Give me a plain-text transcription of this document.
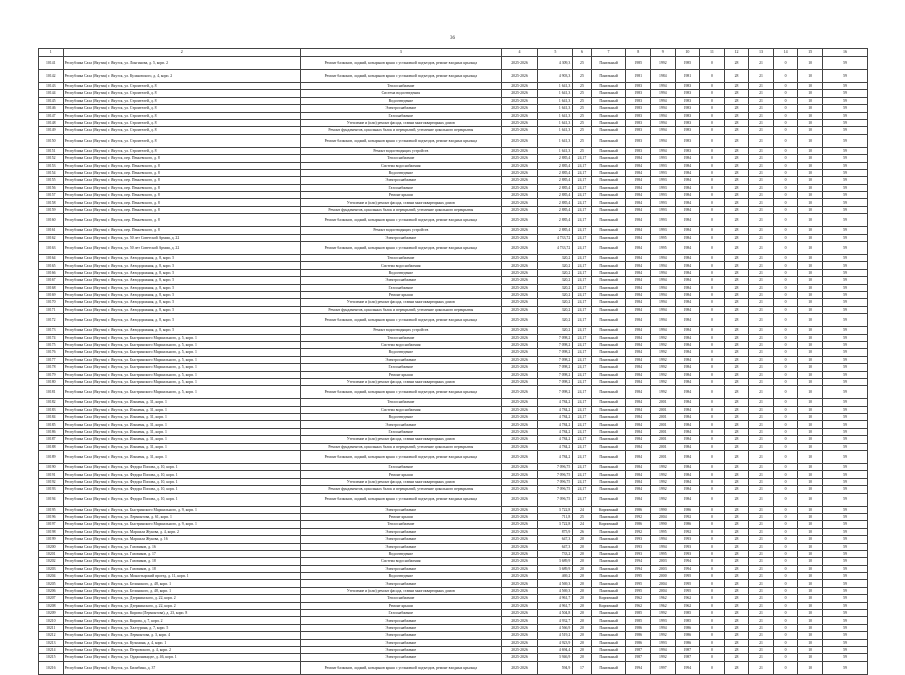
36
1	2	3	4	5	6	7	8	9	10	11	12	13	14	15	16
10141	Республика Саха (Якутия) г. Якутск, ул. Лонгинова, д. 5, корп. 2	Ремонт балконов, лоджий, козырьков крыш с установкой подъездов, ремонт входных крыльца	2025-2026	4 309,3	25	Панельный	1985	1992	1985	0	28	21	0	10	59
10142	Республика Саха (Якутия) г. Якутск, ул. Кулаковского, д. 4, корп. 2	Ремонт балконов, лоджий, козырьков крыш с установкой подъездов, ремонт входных крыльца	2025-2026	4 903,3	25	Панельный	1981	1984	1981	0	28	21	0	10	59
10143	Республика Саха (Якутия) г. Якутск, ул. Строителей, д. 8	Теплоснабжение	2025-2026	1 641,3	25	Панельный	1983	1994	1983	0	28	21	0	10	59
10144	Республика Саха (Якутия) г. Якутск, ул. Строителей, д. 8	Система водоотведения	2025-2026	1 641,3	25	Панельный	1983	1994	1983	0	28	21	0	10	59
10145	Республика Саха (Якутия) г. Якутск, ул. Строителей, д. 8	Водоотведение	2025-2026	1 641,3	25	Панельный	1983	1994	1983	0	28	21	0	10	59
10146	Республика Саха (Якутия) г. Якутск, ул. Строителей, д. 8	Электроснабжение	2025-2026	1 641,3	25	Панельный	1983	1994	1983	0	28	21	0	10	59
10147	Республика Саха (Якутия) г. Якутск, ул. Строителей, д. 8	Газоснабжение	2025-2026	1 641,3	25	Панельный	1983	1994	1983	0	28	21	0	10	59
10148	Республика Саха (Якутия) г. Якутск, ул. Строителей, д. 8	Утепление и (или) ремонт фасада, ставни многоквартирных домов	2025-2026	1 641,3	25	Панельный	1983	1994	1983	0	28	21	0	10	59
10149	Республика Саха (Якутия) г. Якутск, ул. Строителей, д. 8	Ремонт фундаментов, цокольных балок и перекрытий, утепление цокольного перекрытия	2025-2026	1 641,3	25	Панельный	1983	1994	1983	0	28	21	0	10	59
10150	Республика Саха (Якутия) г. Якутск, ул. Строителей, д. 8	Ремонт балконов, лоджий, козырьков крыш с установкой подъездов, ремонт входных крыльца	2025-2026	1 641,3	25	Панельный	1983	1994	1983	0	28	21	0	10	59
10151	Республика Саха (Якутия) г. Якутск, ул. Строителей, д. 8	Ремонт водоотводящих устройств	2025-2026	1 641,3	25	Панельный	1983	1994	1983	0	28	21	0	10	59
10152	Республика Саха (Якутия) г. Якутск, пер. Пеньевского, д. 8	Теплоснабжение	2025-2026	2 885,4	24,17	Панельный	1984	1993	1984	0	28	21	0	10	59
10153	Республика Саха (Якутия) г. Якутск, пер. Пеньевского, д. 8	Система водоснабжения	2025-2026	2 885,4	24,17	Панельный	1984	1993	1984	0	28	21	0	10	59
10154	Республика Саха (Якутия) г. Якутск, пер. Пеньевского, д. 8	Водоотведение	2025-2026	2 885,4	24,17	Панельный	1984	1993	1984	0	28	21	0	10	59
10155	Республика Саха (Якутия) г. Якутск, пер. Пеньевского, д. 8	Электроснабжение	2025-2026	2 885,4	24,17	Панельный	1984	1993	1984	0	28	21	0	10	59
10156	Республика Саха (Якутия) г. Якутск, пер. Пеньевского, д. 8	Газоснабжение	2025-2026	2 885,4	24,17	Панельный	1984	1993	1984	0	28	21	0	10	59
10157	Республика Саха (Якутия) г. Якутск, пер. Пеньевского, д. 8	Ремонт крыши	2025-2026	2 885,4	24,17	Панельный	1984	1993	1984	0	28	21	0	10	59
10158	Республика Саха (Якутия) г. Якутск, пер. Пеньевского, д. 8	Утепление и (или) ремонт фасада, ставни многоквартирных домов	2025-2026	2 885,4	24,17	Панельный	1984	1993	1984	0	28	21	0	10	59
10159	Республика Саха (Якутия) г. Якутск, пер. Пеньевского, д. 8	Ремонт фундаментов, цокольных балок и перекрытий, утепление цокольного перекрытия	2025-2026	2 885,4	24,17	Панельный	1984	1993	1984	0	28	21	0	10	59
10160	Республика Саха (Якутия) г. Якутск, пер. Пеньевского, д. 8	Ремонт балконов, лоджий, козырьков крыш с установкой подъездов, ремонт входных крыльца	2025-2026	2 885,4	24,17	Панельный	1984	1993	1984	0	28	21	0	10	59
10161	Республика Саха (Якутия) г. Якутск, пер. Пеньевского, д. 8	Ремонт водоотводящих устройств	2025-2026	2 885,4	24,17	Панельный	1984	1993	1984	0	28	21	0	10	59
10162	Республика Саха (Якутия) г. Якутск, ул. 50 лет Советской Армии, д. 22	Электроснабжение	2025-2026	4 733,72	24,17	Панельный	1984	1995	1984	0	28	21	0	10	59
10163	Республика Саха (Якутия) г. Якутск, ул. 50 лет Советской Армии, д. 22	Ремонт балконов, лоджий, козырьков крыш с установкой подъездов, ремонт входных крыльца	2025-2026	4 733,72	24,17	Панельный	1984	1995	1984	0	28	21	0	10	59
10164	Республика Саха (Якутия) г. Якутск, ул. Автодорожная, д. 8, корп. 5	Теплоснабжение	2025-2026	320,2	24,17	Панельный	1984	1994	1984	0	28	21	0	10	59
10165	Республика Саха (Якутия) г. Якутск, ул. Автодорожная, д. 8, корп. 5	Система водоснабжения	2025-2026	320,2	24,17	Панельный	1984	1994	1984	0	28	21	0	10	59
10166	Республика Саха (Якутия) г. Якутск, ул. Автодорожная, д. 8, корп. 5	Водоотведение	2025-2026	320,2	24,17	Панельный	1984	1994	1984	0	28	21	0	10	59
10167	Республика Саха (Якутия) г. Якутск, ул. Автодорожная, д. 8, корп. 5	Электроснабжение	2025-2026	320,2	24,17	Панельный	1984	1994	1984	0	28	21	0	10	59
10168	Республика Саха (Якутия) г. Якутск, ул. Автодорожная, д. 8, корп. 5	Газоснабжение	2025-2026	320,2	24,17	Панельный	1984	1994	1984	0	28	21	0	10	59
10169	Республика Саха (Якутия) г. Якутск, ул. Автодорожная, д. 8, корп. 5	Ремонт крыши	2025-2026	320,2	24,17	Панельный	1984	1994	1984	0	28	21	0	10	59
10170	Республика Саха (Якутия) г. Якутск, ул. Автодорожная, д. 8, корп. 5	Утепление и (или) ремонт фасада, ставни многоквартирных домов	2025-2026	320,2	24,17	Панельный	1984	1994	1984	0	28	21	0	10	59
10171	Республика Саха (Якутия) г. Якутск, ул. Автодорожная, д. 8, корп. 5	Ремонт фундаментов, цокольных балок и перекрытий, утепление цокольного перекрытия	2025-2026	320,2	24,17	Панельный	1984	1994	1984	0	28	21	0	10	59
10172	Республика Саха (Якутия) г. Якутск, ул. Автодорожная, д. 8, корп. 5	Ремонт балконов, лоджий, козырьков крыш с установкой подъездов, ремонт входных крыльца	2025-2026	320,2	24,17	Панельный	1984	1994	1984	0	28	21	0	10	59
10173	Республика Саха (Якутия) г. Якутск, ул. Автодорожная, д. 8, корп. 5	Ремонт водоотводящих устройств	2025-2026	320,2	24,17	Панельный	1984	1994	1984	0	28	21	0	10	59
10174	Республика Саха (Якутия) г. Якутск, ул. Быстринского Маршального, д. 5, корп. 1	Теплоснабжение	2025-2026	7 098,2	24,17	Панельный	1984	1992	1984	0	28	21	0	10	59
10175	Республика Саха (Якутия) г. Якутск, ул. Быстринского Маршального, д. 5, корп. 1	Система водоснабжения	2025-2026	7 098,2	24,17	Панельный	1984	1992	1984	0	28	21	0	10	59
10176	Республика Саха (Якутия) г. Якутск, ул. Быстринского Маршального, д. 5, корп. 1	Водоотведение	2025-2026	7 098,2	24,17	Панельный	1984	1992	1984	0	28	21	0	10	59
10177	Республика Саха (Якутия) г. Якутск, ул. Быстринского Маршального, д. 5, корп. 1	Электроснабжение	2025-2026	7 098,2	24,17	Панельный	1984	1992	1984	0	28	21	0	10	59
10178	Республика Саха (Якутия) г. Якутск, ул. Быстринского Маршального, д. 5, корп. 1	Газоснабжение	2025-2026	7 098,2	24,17	Панельный	1984	1992	1984	0	28	21	0	10	59
10179	Республика Саха (Якутия) г. Якутск, ул. Быстринского Маршального, д. 5, корп. 1	Ремонт крыши	2025-2026	7 098,2	24,17	Панельный	1984	1992	1984	0	28	21	0	10	59
10180	Республика Саха (Якутия) г. Якутск, ул. Быстринского Маршального, д. 5, корп. 1	Утепление и (или) ремонт фасада, ставни многоквартирных домов	2025-2026	7 098,2	24,17	Панельный	1984	1992	1984	0	28	21	0	10	59
10181	Республика Саха (Якутия) г. Якутск, ул. Быстринского Маршального, д. 5, корп. 1	Ремонт балконов, лоджий, козырьков крыш с установкой подъездов, ремонт входных крыльца	2025-2026	7 098,2	24,17	Панельный	1984	1992	1984	0	28	21	0	10	59
10182	Республика Саха (Якутия) г. Якутск, ул. Ильменя, д. 31, корп. 1	Теплоснабжение	2025-2026	4 784,2	24,17	Панельный	1984	2001	1984	0	28	21	0	10	59
10183	Республика Саха (Якутия) г. Якутск, ул. Ильменя, д. 31, корп. 1	Система водоснабжения	2025-2026	4 784,2	24,17	Панельный	1984	2001	1984	0	28	21	0	10	59
10184	Республика Саха (Якутия) г. Якутск, ул. Ильменя, д. 31, корп. 1	Водоотведение	2025-2026	4 784,2	24,17	Панельный	1984	2001	1984	0	28	21	0	10	59
10185	Республика Саха (Якутия) г. Якутск, ул. Ильменя, д. 31, корп. 1	Электроснабжение	2025-2026	4 784,2	24,17	Панельный	1984	2001	1984	0	28	21	0	10	59
10186	Республика Саха (Якутия) г. Якутск, ул. Ильменя, д. 31, корп. 1	Газоснабжение	2025-2026	4 784,2	24,17	Панельный	1984	2001	1984	0	28	21	0	10	59
10187	Республика Саха (Якутия) г. Якутск, ул. Ильменя, д. 31, корп. 1	Утепление и (или) ремонт фасада, ставни многоквартирных домов	2025-2026	4 784,2	24,17	Панельный	1984	2001	1984	0	28	21	0	10	59
10188	Республика Саха (Якутия) г. Якутск, ул. Ильменя, д. 31, корп. 1	Ремонт фундаментов, цокольных балок и перекрытий, утепление цокольного перекрытия	2025-2026	4 784,2	24,17	Панельный	1984	2001	1984	0	28	21	0	10	59
10189	Республика Саха (Якутия) г. Якутск, ул. Ильменя, д. 31, корп. 1	Ремонт балконов, лоджий, козырьков крыш с установкой подъездов, ремонт входных крыльца	2025-2026	4 784,2	24,17	Панельный	1984	2001	1984	0	28	21	0	10	59
10190	Республика Саха (Якутия) г. Якутск, ул. Федора Попова, д. 10, корп. 1	Газоснабжение	2025-2026	7 096,75	24,17	Панельный	1984	1992	1984	0	28	21	0	10	59
10191	Республика Саха (Якутия) г. Якутск, ул. Федора Попова, д. 10, корп. 1	Ремонт крыши	2025-2026	7 096,75	24,17	Панельный	1984	1992	1984	0	28	21	0	10	59
10192	Республика Саха (Якутия) г. Якутск, ул. Федора Попова, д. 10, корп. 1	Утепление и (или) ремонт фасада, ставни многоквартирных домов	2025-2026	7 096,75	24,17	Панельный	1984	1992	1984	0	28	21	0	10	59
10193	Республика Саха (Якутия) г. Якутск, ул. Федора Попова, д. 10, корп. 1	Ремонт фундаментов, цокольных балок и перекрытий, утепление цокольного перекрытия	2025-2026	7 096,75	24,17	Панельный	1984	1992	1984	0	28	21	0	10	59
10194	Республика Саха (Якутия) г. Якутск, ул. Федора Попова, д. 10, корп. 1	Ремонт балконов, лоджий, козырьков крыш с установкой подъездов, ремонт входных крыльца	2025-2026	7 096,75	24,17	Панельный	1984	1992	1984	0	28	21	0	10	59
10195	Республика Саха (Якутия) г. Якутск, ул. Быстринского Маршального, д. 9, корп. 1	Электроснабжение	2025-2026	3 722,8	24	Кирпичный	1986	1990	1986	0	28	21	0	10	59
10196	Республика Саха (Якутия) г. Якутск, ул. Лермонтова, д. 61, корп. 1	Ремонт крыши	2025-2026	711,8	25	Панельный	1992	2004	1992	0	28	21	0	10	59
10197	Республика Саха (Якутия) г. Якутск, ул. Быстринского Маршального, д. 9, корп. 1	Теплоснабжение	2025-2026	3 722,8	24	Кирпичный	1986	1990	1986	0	28	21	0	10	59
10198	Республика Саха (Якутия) г. Якутск, ул. Маршала Жукова, д. 4, корп. 2	Электроснабжение	2025-2026	875,9	26	Панельный	1992	1995	1992	0	28	21	0	10	59
10199	Республика Саха (Якутия) г. Якутск, ул. Маршала Жукова, д. 16	Электроснабжение	2025-2026	647,3	20	Панельный	1993	1994	1993	0	28	21	0	10	59
10200	Республика Саха (Якутия) г. Якутск, ул. Газовиков, д. 16	Электроснабжение	2025-2026	647,3	20	Панельный	1993	1994	1993	0	28	21	0	10	59
10201	Республика Саха (Якутия) г. Якутск, ул. Газовиков, д. 17	Водоотведение	2025-2026	733,2	20	Панельный	1993	1995	1993	0	28	21	0	10	59
10202	Республика Саха (Якутия) г. Якутск, ул. Газовиков, д. 18	Система водоснабжения	2025-2026	3 689,9	20	Панельный	1994	2003	1994	0	28	21	0	10	59
10203	Республика Саха (Якутия) г. Якутск, ул. Газовиков, д. 18	Электроснабжение	2025-2026	3 689,9	20	Панельный	1994	2003	1994	0	28	21	0	10	59
10204	Республика Саха (Якутия) г. Якутск, ул. Монастырский проезд, д. 11, корп. 1	Водоотведение	2025-2026	469,2	20	Панельный	1995	2000	1995	0	28	21	0	10	59
10205	Республика Саха (Якутия) г. Якутск, ул. Белинского, д. 48, корп. 1	Электроснабжение	2025-2026	4 569,3	20	Панельный	1995	2004	1995	0	28	21	0	10	59
10206	Республика Саха (Якутия) г. Якутск, ул. Белинского, д. 48, корп. 1	Утепление и (или) ремонт фасада, ставни многоквартирных домов	2025-2026	4 569,3	20	Панельный	1995	2004	1995	0	28	21	0	10	59
10207	Республика Саха (Якутия) г. Якутск, ул. Дзержинского, д. 22, корп. 2	Теплоснабжение	2025-2026	4 961,7	20	Кирпичный	1962	1962	1962	0	28	21	0	10	59
10208	Республика Саха (Якутия) г. Якутск, ул. Дзержинского, д. 22, корп. 2	Ремонт крыши	2025-2026	4 961,7	20	Кирпичный	1962	1962	1962	0	28	21	0	10	59
10209	Республика Саха (Якутия) г. Якутск, ул. Кирова (Лермонтова), д. 23, корп. 8	Газоснабжение	2025-2026	4 504,8	20	Панельный	1985	1992	1985	0	28	21	0	10	59
10210	Республика Саха (Якутия) г. Якутск, ул. Кирова, д. 7, корп. 2	Электроснабжение	2025-2026	4 932,7	20	Панельный	1985	1993	1985	0	28	21	0	10	59
10211	Республика Саха (Якутия) г. Якутск, ул. Халтурина, д. 7, корп. 5	Электроснабжение	2025-2026	4 566,9	20	Панельный	1986	1994	1986	0	28	21	0	10	59
10212	Республика Саха (Якутия) г. Якутск, ул. Лермонтова, д. 3, корп. 4	Электроснабжение	2025-2026	4 519,2	20	Панельный	1986	1992	1986	0	28	21	0	10	59
10213	Республика Саха (Якутия) г. Якутск, ул. Кузьмина, д. 4, корп. 1	Электроснабжение	2025-2026	4 923,9	20	Панельный	1986	1993	1986	0	28	21	0	10	59
10214	Республика Саха (Якутия) г. Якутск, ул. Петровского, д. 4, корп. 2	Электроснабжение	2025-2026	4 694,4	20	Панельный	1987	1994	1987	0	28	21	0	10	59
10215	Республика Саха (Якутия) г. Якутск, ул. Орджоникидзе, д. 46, корп. 1	Электроснабжение	2025-2026	3 946,9	20	Панельный	1987	1992	1987	0	28	21	0	10	59
10216	Республика Саха (Якутия) г. Якутск, ул. Билибина, д. 37	Ремонт балконов, лоджий, козырьков крыш с установкой подъездов, ремонт входных крыльца	2025-2026	594,9	17	Панельный	1994	1997	1994	0	28	21	0	10	59
